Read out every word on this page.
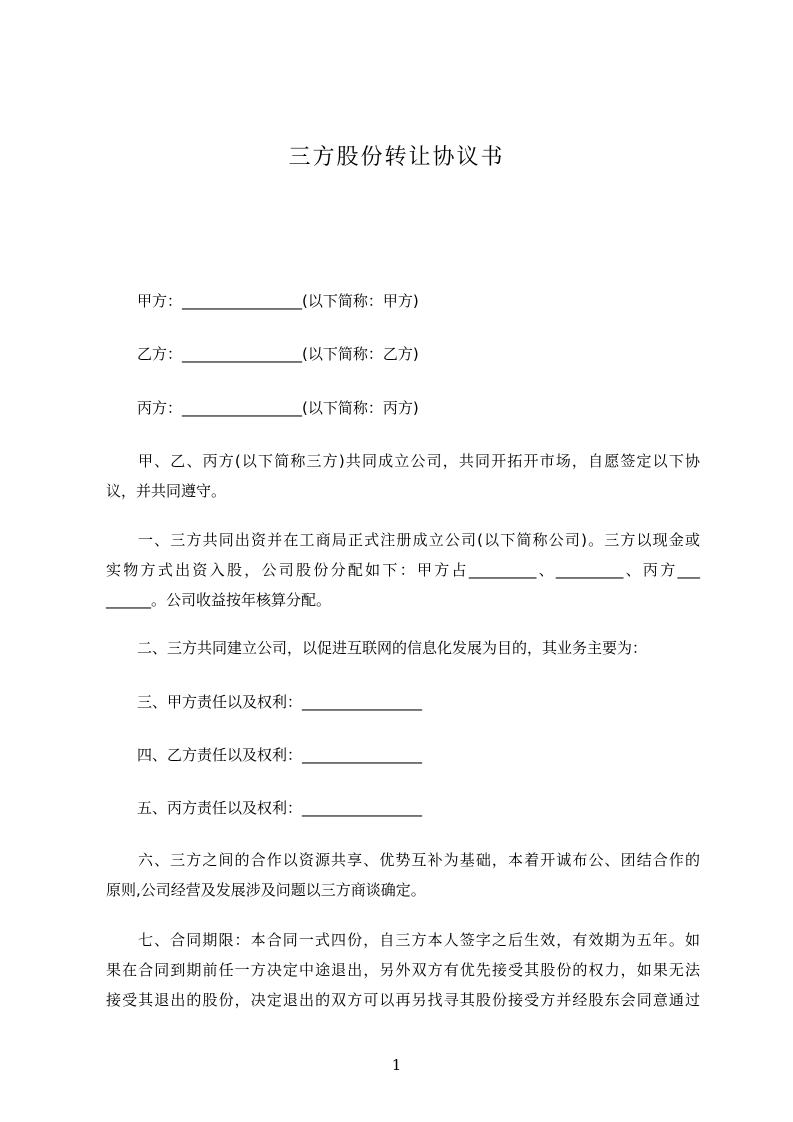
三方股份转让协议书
甲方：________________(以下简称：甲方)
乙方：________________(以下简称：乙方)
丙方：________________(以下简称：丙方)
甲、乙、丙方(以下简称三方)共同成立公司，共同开拓开市场，自愿签定以下协
议，并共同遵守。
一、三方共同出资并在工商局正式注册成立公司(以下简称公司)。三方以现金或
实物方式出资入股，公司股份分配如下：甲方占_________、_________、丙方___
______。公司收益按年核算分配。
二、三方共同建立公司，以促进互联网的信息化发展为目的，其业务主要为：
三、甲方责任以及权利：________________
四、乙方责任以及权利：________________
五、丙方责任以及权利：________________
六、三方之间的合作以资源共享、优势互补为基础，本着开诚布公、团结合作的
原则,公司经营及发展涉及问题以三方商谈确定。
七、合同期限：本合同一式四份，自三方本人签字之后生效，有效期为五年。如
果在合同到期前任一方决定中途退出，另外双方有优先接受其股份的权力，如果无法
接受其退出的股份，决定退出的双方可以再另找寻其股份接受方并经股东会同意通过
1
